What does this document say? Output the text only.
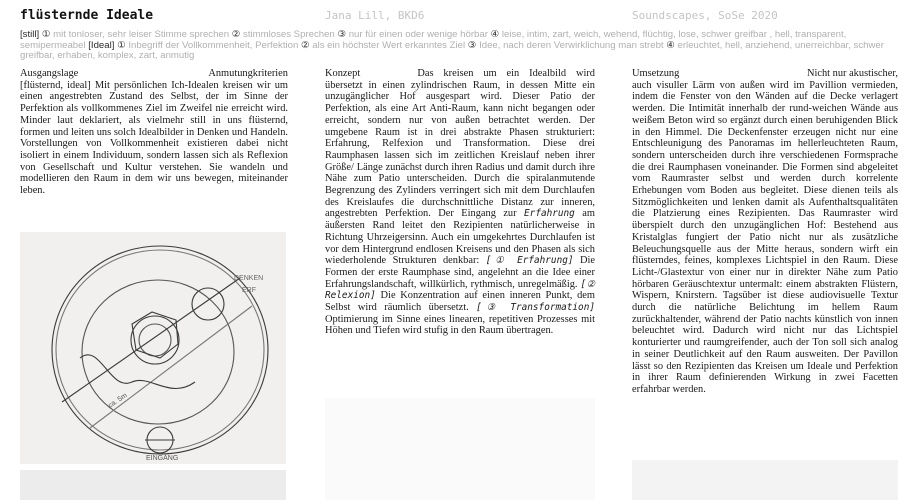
flüsternde Ideale	Jana Lill, BKD6	Soundscapes, SoSe 2020
[still] ① mit tonloser, sehr leiser Stimme sprechen ② stimmloses Sprechen ③ nur für einen oder wenige hörbar ④ leise, intim, zart, weich, wehend, flüchtig, lose, schwer greifbar , hell, transparent, semipermeabel [Ideal] ① Inbegriff der Vollkommenheit, Perfektion ② als ein höchster Wert erkanntes Ziel ③ Idee, nach deren Verwirklichung man strebt ④ erleuchtet, hell, anziehend, unerreichbar, schwer greifbar, erhaben, komplex, zart, anmutig
Ausgangslage	Anmutungkriterien

[flüsternd, ideal] Mit persönlichen Ich-Idealen kreisen wir um einen angestrebten Zustand des Selbst, der im Sinne der Perfektion als vollkommenes Ziel im Zweifel nie erreicht wird. Minder laut deklariert, als vielmehr still in uns flüsternd, formen und leiten uns solch Idealbilder in Denken und Handeln. Vorstellungen von Vollkommenheit existieren dabei nicht isoliert in einem Individuum, sondern lassen sich als Reflexion von Gesellschaft und Kultur verstehen. Sie wandeln und modellieren den Raum in dem wir uns bewegen, miteinander leben.

DENKEN
ERF
EINGANG
ca. 5m

Konzept      	Das kreisen um ein Idealbild wird übersetzt in einen zylindrischen Raum, in dessen Mitte ein unzugänglicher Hof ausgespart wird. Dieser Patio der Perfektion, als eine Art Anti-Raum, kann nicht begangen oder erreicht, sondern nur von außen betrachtet werden. Der umgebene Raum ist in drei abstrakte Phasen strukturiert: Erfahrung, Relfexion und Transformation. Diese drei Raumphasen lassen sich im zeitlichen Kreislauf neben ihrer Größe/ Länge zunächst durch ihren Radius und damit durch ihre Nähe zum Patio unterscheiden. Durch die spiralanmutende Begrenzung des Zylinders verringert sich mit dem Durchlaufen des Kreislaufes die durchschnittliche Distanz zur inneren, angestrebten Perfektion. Der Eingang zur Erfahrung am äußersten Rand leitet den Rezipienten natürlicherweise in Richtung Uhrzeigersinn. Auch ein umgekehrtes Durchlaufen ist vor dem Hintergrund endlosen Kreisens und den Phasen als sich wiederholende Strukturen denkbar: [① Erfahrung] Die Formen der erste Raumphase sind, angelehnt an die Idee einer Erfahrungslandschaft, willkürlich, rythmisch, unregelmäßig. [② Relexion] Die Konzentration auf einen inneren Punkt, dem Selbst wird räumlich übersetzt. [③ Transformation] Optimierung im Sinne eines linearen, repetitiven Prozesses mit Höhen und Tiefen wird stufig in den Raum übertragen.

Umsetzung	Nicht nur akustischer,

auch visuller Lärm von außen wird im Pavillion vermieden, indem die Fenster von den Wänden auf die Decke verlagert werden. Die Intimität innerhalb der rund-weichen Wände aus weißem Beton wird so ergänzt durch einen beruhigenden Blick in den Himmel. Die Deckenfenster erzeugen nicht nur eine Entschleunigung des Panoramas im hellerleuchteten Raum, sondern unterscheiden durch ihre verschiedenen Formsprache die drei Raumphasen voneinander. Die Formen sind abgeleitet vom Raumraster selbst und werden durch korrelente Erhebungen vom Boden aus begleitet. Diese dienen teils als Sitzmöglichkeiten und lenken damit als Aufenthaltsqualitäten die Platzierung eines Rezipienten. Das Raumraster wird überspielt durch den unzugänglichen Hof: Bestehend aus Kristalglas fungiert der Patio nicht nur als zusätzliche Beleuchungsquelle aus der Mitte heraus, sondern wirft ein flüsterndes, feines, komplexes Lichtspiel in den Raum. Diese Licht-/Glastextur von einer nur in direkter Nähe zum Patio hörbaren Geräuschtextur untermalt: einem abstrakten Flüstern, Wispern, Knirstern. Tagsüber ist diese audiovisuelle Textur durch die natürliche Belichtung im hellem Raum zurückhaltender, während der Patio nachts künstlich von innen beleuchtet wird. Dadurch wird nicht nur das Lichtspiel konturierter und raumgreifender, auch der Ton soll sich analog in seiner Deutlichkeit auf den Raum ausweiten. Der Pavillon lässt so den Rezipienten das Kreisen um Ideale und Perfektion in ihrer Raum definierenden Wirkung in zwei Facetten erfahrbar werden.
